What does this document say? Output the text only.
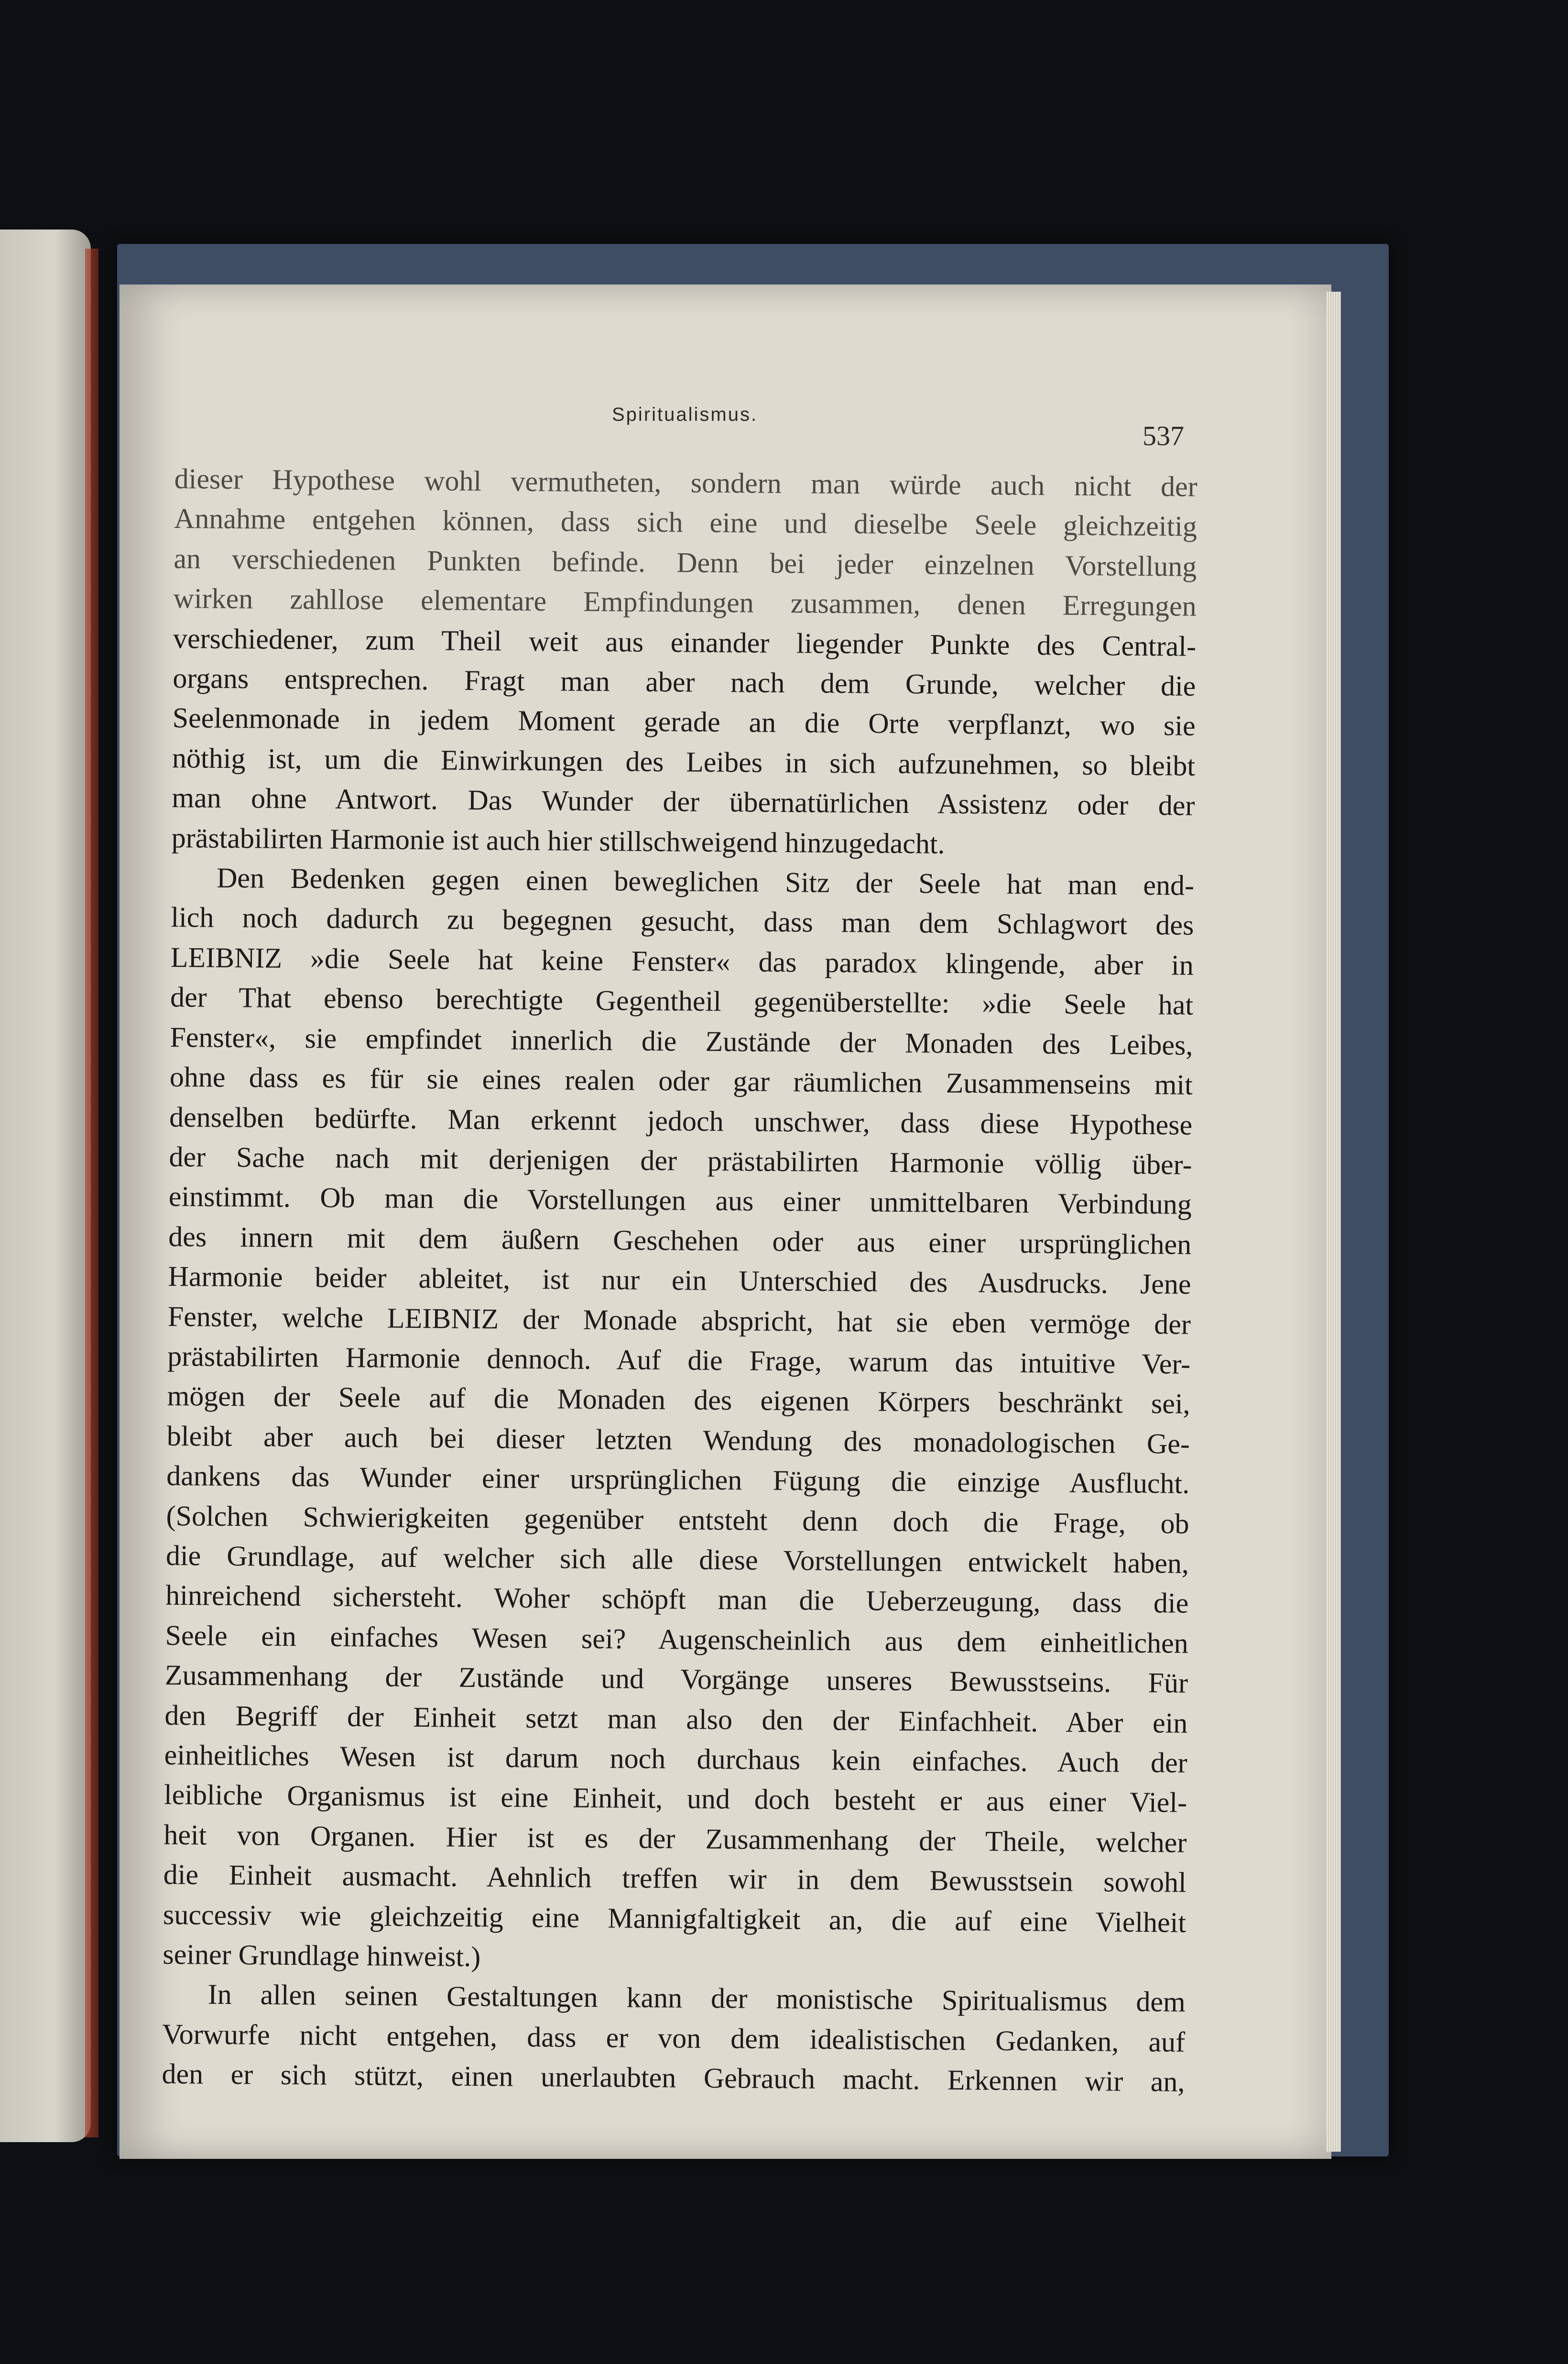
Spiritualismus.
537
dieser Hypothese wohl vermutheten, sondern man würde auch nicht der
Annahme entgehen können, dass sich eine und dieselbe Seele gleichzeitig
an verschiedenen Punkten befinde. Denn bei jeder einzelnen Vorstellung
wirken zahllose elementare Empfindungen zusammen, denen Erregungen
verschiedener, zum Theil weit aus einander liegender Punkte des Central-
organs entsprechen. Fragt man aber nach dem Grunde, welcher die
Seelenmonade in jedem Moment gerade an die Orte verpflanzt, wo sie
nöthig ist, um die Einwirkungen des Leibes in sich aufzunehmen, so bleibt
man ohne Antwort. Das Wunder der übernatürlichen Assistenz oder der
prästabilirten Harmonie ist auch hier stillschweigend hinzugedacht.
Den Bedenken gegen einen beweglichen Sitz der Seele hat man end-
lich noch dadurch zu begegnen gesucht, dass man dem Schlagwort des
LEIBNIZ »die Seele hat keine Fenster« das paradox klingende, aber in
der That ebenso berechtigte Gegentheil gegenüberstellte: »die Seele hat
Fenster«, sie empfindet innerlich die Zustände der Monaden des Leibes,
ohne dass es für sie eines realen oder gar räumlichen Zusammenseins mit
denselben bedürfte. Man erkennt jedoch unschwer, dass diese Hypothese
der Sache nach mit derjenigen der prästabilirten Harmonie völlig über-
einstimmt. Ob man die Vorstellungen aus einer unmittelbaren Verbindung
des innern mit dem äußern Geschehen oder aus einer ursprünglichen
Harmonie beider ableitet, ist nur ein Unterschied des Ausdrucks. Jene
Fenster, welche LEIBNIZ der Monade abspricht, hat sie eben vermöge der
prästabilirten Harmonie dennoch. Auf die Frage, warum das intuitive Ver-
mögen der Seele auf die Monaden des eigenen Körpers beschränkt sei,
bleibt aber auch bei dieser letzten Wendung des monadologischen Ge-
dankens das Wunder einer ursprünglichen Fügung die einzige Ausflucht.
(Solchen Schwierigkeiten gegenüber entsteht denn doch die Frage, ob
die Grundlage, auf welcher sich alle diese Vorstellungen entwickelt haben,
hinreichend sichersteht. Woher schöpft man die Ueberzeugung, dass die
Seele ein einfaches Wesen sei? Augenscheinlich aus dem einheitlichen
Zusammenhang der Zustände und Vorgänge unseres Bewusstseins. Für
den Begriff der Einheit setzt man also den der Einfachheit. Aber ein
einheitliches Wesen ist darum noch durchaus kein einfaches. Auch der
leibliche Organismus ist eine Einheit, und doch besteht er aus einer Viel-
heit von Organen. Hier ist es der Zusammenhang der Theile, welcher
die Einheit ausmacht. Aehnlich treffen wir in dem Bewusstsein sowohl
successiv wie gleichzeitig eine Mannigfaltigkeit an, die auf eine Vielheit
seiner Grundlage hinweist.)
In allen seinen Gestaltungen kann der monistische Spiritualismus dem
Vorwurfe nicht entgehen, dass er von dem idealistischen Gedanken, auf
den er sich stützt, einen unerlaubten Gebrauch macht. Erkennen wir an,
